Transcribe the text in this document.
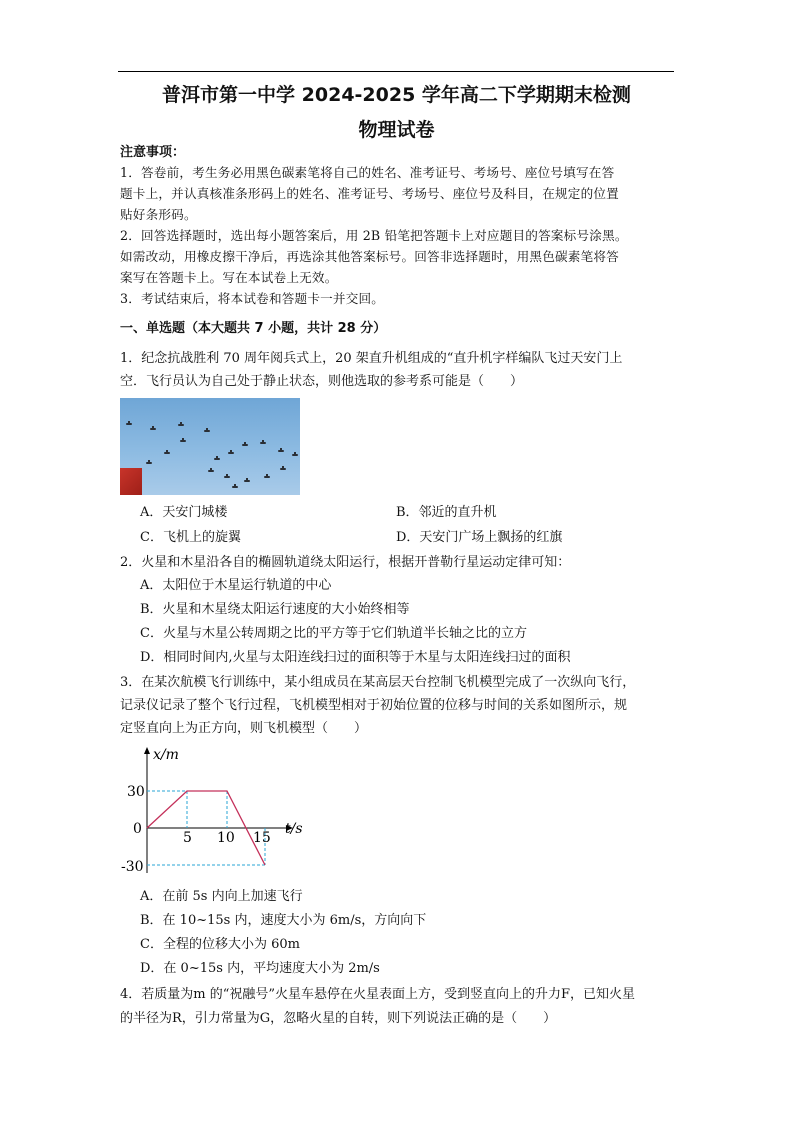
普洱市第一中学 2024-2025 学年高二下学期期末检测
物理试卷
注意事项：
1．答卷前，考生务必用黑色碳素笔将自己的姓名、准考证号、考场号、座位号填写在答
题卡上，并认真核准条形码上的姓名、准考证号、考场号、座位号及科目，在规定的位置
贴好条形码。
2．回答选择题时，选出每小题答案后，用 2B 铅笔把答题卡上对应题目的答案标号涂黑。
如需改动，用橡皮擦干净后，再选涂其他答案标号。回答非选择题时，用黑色碳素笔将答
案写在答题卡上。写在本试卷上无效。
3．考试结束后，将本试卷和答题卡一并交回。
一、单选题（本大题共 7 小题，共计 28 分）
1．纪念抗战胜利 70 周年阅兵式上，20 架直升机组成的“直升机字样编队飞过天安门上
空．飞行员认为自己处于静止状态，则他选取的参考系可能是（　　）
A．天安门城楼	B．邻近的直升机
C．飞机上的旋翼	D．天安门广场上飘扬的红旗
2．火星和木星沿各自的椭圆轨道绕太阳运行，根据开普勒行星运动定律可知：
A．太阳位于木星运行轨道的中心
B．火星和木星绕太阳运行速度的大小始终相等
C．火星与木星公转周期之比的平方等于它们轨道半长轴之比的立方
D．相同时间内,火星与太阳连线扫过的面积等于木星与太阳连线扫过的面积
3．在某次航模飞行训练中，某小组成员在某高层天台控制飞机模型完成了一次纵向飞行，
记录仪记录了整个飞行过程，飞机模型相对于初始位置的位移与时间的关系如图所示，规
定竖直向上为正方向，则飞机模型（　　）
x/m
t/s
30
0
-30
5 10 15
A．在前 5s 内向上加速飞行
B．在 10~15s 内，速度大小为 6m/s，方向向下
C．全程的位移大小为 60m
D．在 0~15s 内，平均速度大小为 2m/s
4．若质量为m 的“祝融号”火星车悬停在火星表面上方，受到竖直向上的升力F，已知火星
的半径为R，引力常量为G，忽略火星的自转，则下列说法正确的是（　　）
